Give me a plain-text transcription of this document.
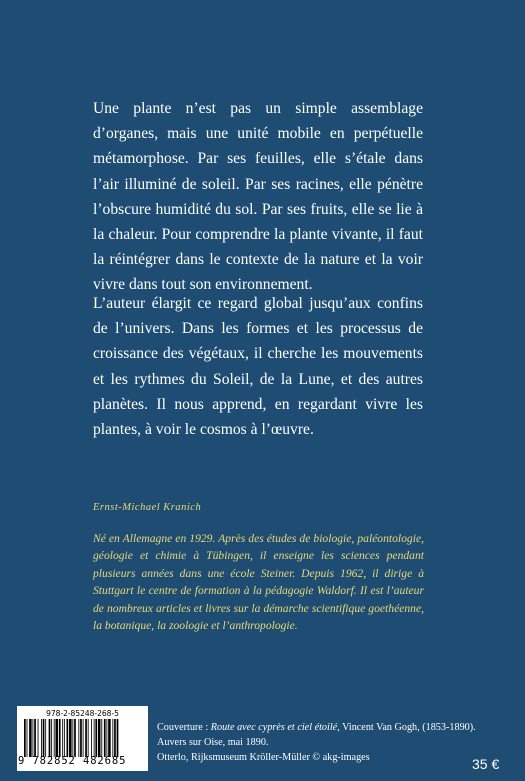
Une plante n’est pas un simple assemblage d’organes, mais une unité mobile en perpétuelle métamorphose. Par ses feuilles, elle s’étale dans l’air illuminé de soleil. Par ses racines, elle pénètre l’obscure humidité du sol. Par ses fruits, elle se lie à la chaleur. Pour comprendre la plante vivante, il faut la réintégrer dans le contexte de la nature et la voir vivre dans tout son environnement.

L’auteur élargit ce regard global jusqu’aux confins de l’univers. Dans les formes et les processus de croissance des végétaux, il cherche les mouvements et les rythmes du Soleil, de la Lune, et des autres planètes. Il nous apprend, en regardant vivre les plantes, à voir le cosmos à l’œuvre.

Ernst-Michael Kranich

Né en Allemagne en 1929. Après des études de biologie, paléontologie, géologie et chimie à Tübingen, il enseigne les sciences pendant plusieurs années dans une école Steiner. Depuis 1962, il dirige à Stuttgart le centre de formation à la pédagogie Waldorf. Il est l’auteur de nombreux articles et livres sur la démarche scientifique goethéenne, la botanique, la zoologie et l’anthropologie.

978-2-85248-268-5

9 782852 482685

Couverture : Route avec cyprès et ciel étoilé, Vincent Van Gogh, (1853-1890).

Auvers sur Oise, mai 1890.

Otterlo, Rijksmuseum Kröller-Müller © akg-images	35 €
